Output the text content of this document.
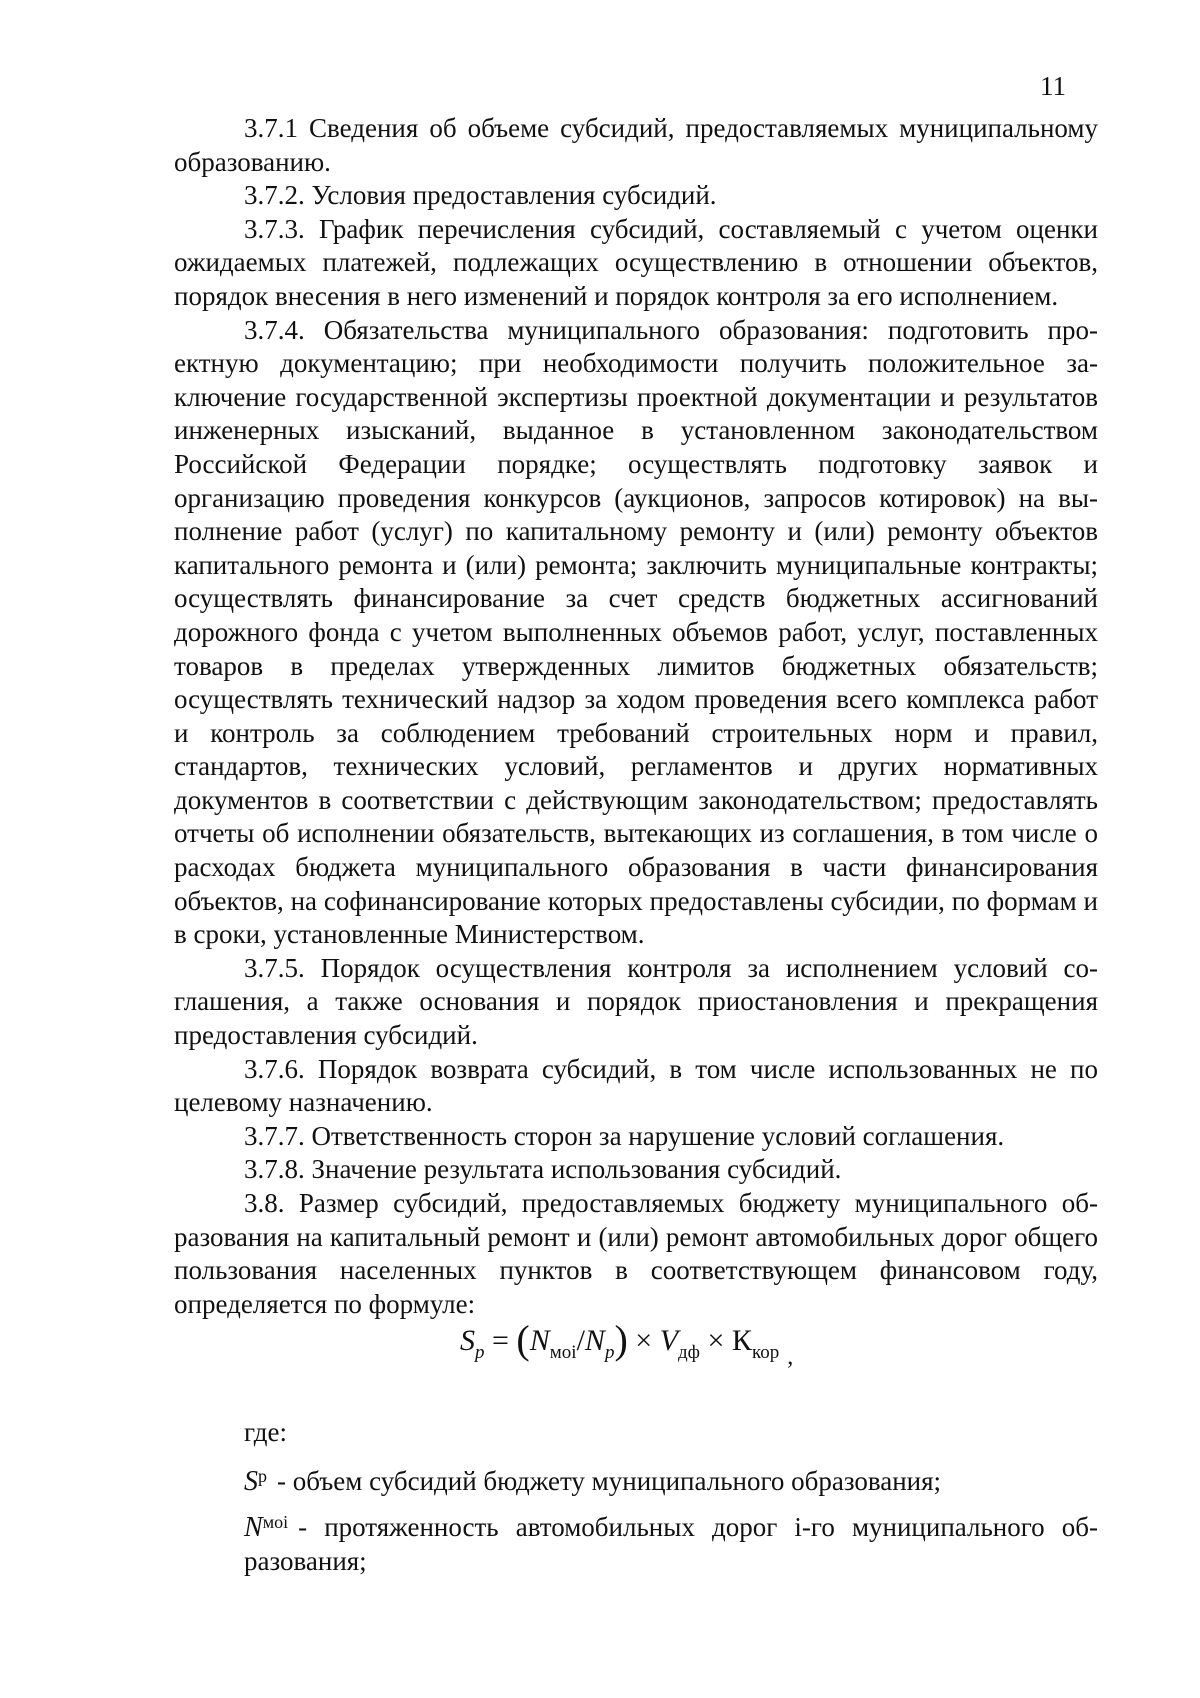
11

3.7.1 Сведения об объеме субсидий, предоставляемых муниципальному образованию.

3.7.2. Условия предоставления субсидий.

3.7.3. График перечисления субсидий, составляемый с учетом оценки ожидаемых платежей, подлежащих осуществлению в отношении объектов, порядок внесения в него изменений и порядок контроля за его исполнением.

3.7.4. Обязательства муниципального образования: подготовить проектную документацию; при необходимости получить положительное заключение государственной экспертизы проектной документации и результатов инженерных изысканий, выданное в установленном законодательством Российской Федерации порядке; осуществлять подготовку заявок и организацию проведения конкурсов (аукционов, запросов котировок) на выполнение работ (услуг) по капитальному ремонту и (или) ремонту объектов капитального ремонта и (или) ремонта; заключить муниципальные контракты; осуществлять финансирование за счет средств бюджетных ассигнований дорожного фонда с учетом выполненных объемов работ, услуг, поставленных товаров в пределах утвержденных лимитов бюджетных обязательств; осуществлять технический надзор за ходом проведения всего комплекса работ и контроль за соблюдением требований строительных норм и правил, стандартов, технических условий, регламентов и других нормативных документов в соответствии с действующим законодательством; предоставлять отчеты об исполнении обязательств, вытекающих из соглашения, в том числе о расходах бюджета муниципального образования в части финансирования объектов, на софинансирование которых предоставлены субсидии, по формам и в сроки, установленные Министерством.

3.7.5. Порядок осуществления контроля за исполнением условий соглашения, а также основания и порядок приостановления и прекращения предоставления субсидий.

3.7.6. Порядок возврата субсидий, в том числе использованных не по целевому назначению.

3.7.7. Ответственность сторон за нарушение условий соглашения.

3.7.8. Значение результата использования субсидий.

3.8. Размер субсидий, предоставляемых бюджету муниципального образования на капитальный ремонт и (или) ремонт автомобильных дорог общего пользования населенных пунктов в соответствующем финансовом году, определяется по формуле:

$S_p = (N_{моi}/N_p) \times V_{дф} \times К_{кор}$ $_,$
где:
$S^p$ - объем субсидий бюджету муниципального образования;
$N^{моi}$ - протяженность автомобильных дорог i-го муниципального образования;
